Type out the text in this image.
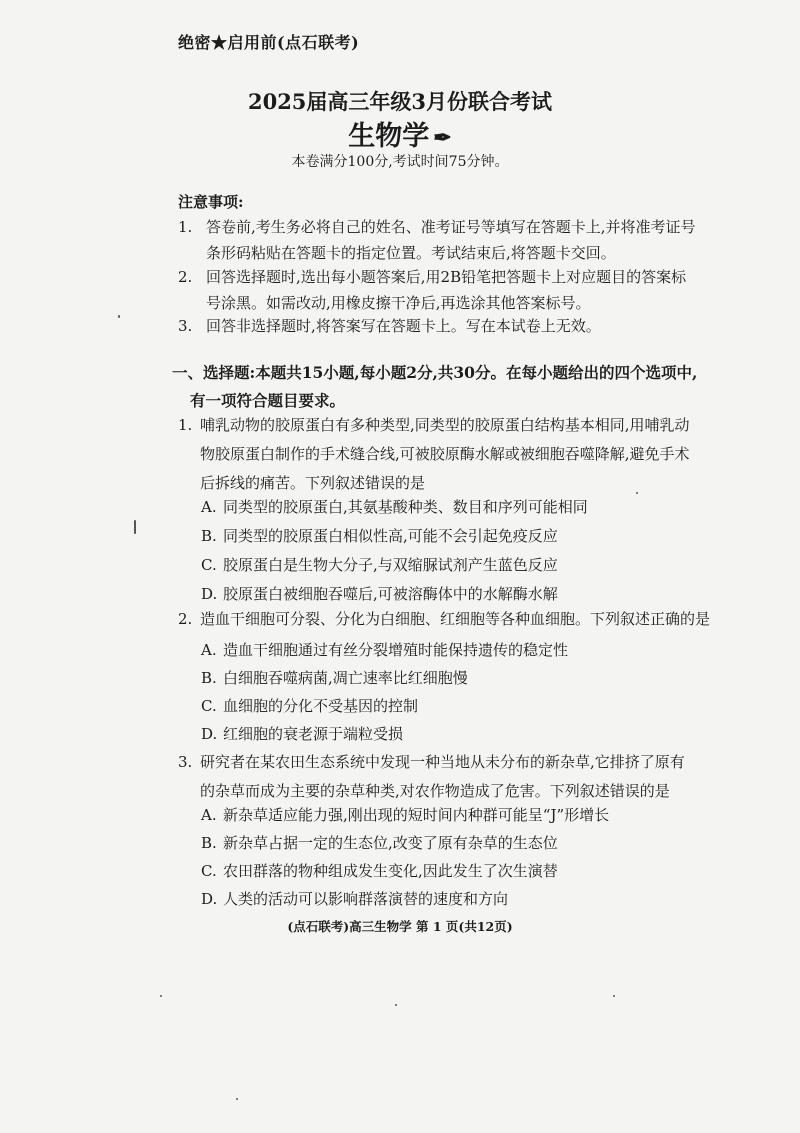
绝密★启用前(点石联考)
2025届高三年级3月份联合考试
生物学 ✒
本卷满分100分,考试时间75分钟。
注意事项:
1. 答卷前,考生务必将自己的姓名、准考证号等填写在答题卡上,并将准考证号
条形码粘贴在答题卡的指定位置。考试结束后,将答题卡交回。
2. 回答选择题时,选出每小题答案后,用2B铅笔把答题卡上对应题目的答案标
号涂黑。如需改动,用橡皮擦干净后,再选涂其他答案标号。
3. 回答非选择题时,将答案写在答题卡上。写在本试卷上无效。
一、选择题:本题共15小题,每小题2分,共30分。在每小题给出的四个选项中,
有一项符合题目要求。
1. 哺乳动物的胶原蛋白有多种类型,同类型的胶原蛋白结构基本相同,用哺乳动
物胶原蛋白制作的手术缝合线,可被胶原酶水解或被细胞吞噬降解,避免手术
后拆线的痛苦。下列叙述错误的是
A. 同类型的胶原蛋白,其氨基酸种类、数目和序列可能相同
B. 同类型的胶原蛋白相似性高,可能不会引起免疫反应
C. 胶原蛋白是生物大分子,与双缩脲试剂产生蓝色反应
D. 胶原蛋白被细胞吞噬后,可被溶酶体中的水解酶水解
2. 造血干细胞可分裂、分化为白细胞、红细胞等各种血细胞。下列叙述正确的是
A. 造血干细胞通过有丝分裂增殖时能保持遗传的稳定性
B. 白细胞吞噬病菌,凋亡速率比红细胞慢
C. 血细胞的分化不受基因的控制
D. 红细胞的衰老源于端粒受损
3. 研究者在某农田生态系统中发现一种当地从未分布的新杂草,它排挤了原有
的杂草而成为主要的杂草种类,对农作物造成了危害。下列叙述错误的是
A. 新杂草适应能力强,刚出现的短时间内种群可能呈“J”形增长
B. 新杂草占据一定的生态位,改变了原有杂草的生态位
C. 农田群落的物种组成发生变化,因此发生了次生演替
D. 人类的活动可以影响群落演替的速度和方向
(点石联考)高三生物学 第 1 页(共12页)
